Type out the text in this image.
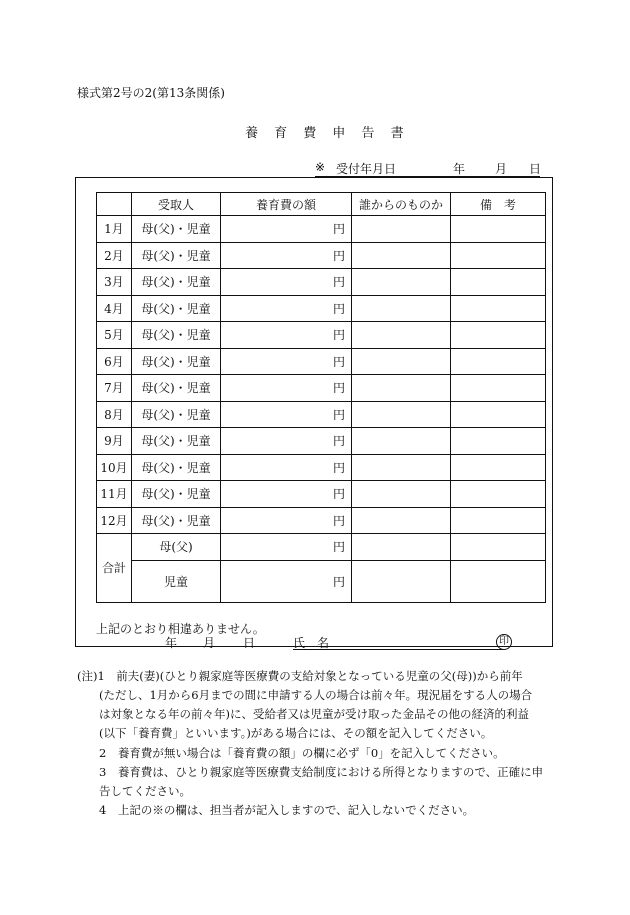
様式第2号の2(第13条関係)
養 育 費 申 告 書
※ 受付年月日	年 月 日
	受取人	養育費の額	誰からのものか	備　考
1月	母(父)・児童	円		
2月	母(父)・児童	円		
3月	母(父)・児童	円		
4月	母(父)・児童	円		
5月	母(父)・児童	円		
6月	母(父)・児童	円		
7月	母(父)・児童	円		
8月	母(父)・児童	円		
9月	母(父)・児童	円		
10月	母(父)・児童	円		
11月	母(父)・児童	円		
12月	母(父)・児童	円		
合計	母(父)	円		
	児童	円		
上記のとおり相違ありません。
年 月 日	氏　名	印
(注)1　前夫(妻)(ひとり親家庭等医療費の支給対象となっている児童の父(母))から前年
(ただし、1月から6月までの間に申請する人の場合は前々年。現況届をする人の場合
は対象となる年の前々年)に、受給者又は児童が受け取った金品その他の経済的利益
(以下「養育費」といいます。)がある場合には、その額を記入してください。
2　養育費が無い場合は「養育費の額」の欄に必ず「0」を記入してください。
3　養育費は、ひとり親家庭等医療費支給制度における所得となりますので、正確に申
告してください。
4　上記の※の欄は、担当者が記入しますので、記入しないでください。
